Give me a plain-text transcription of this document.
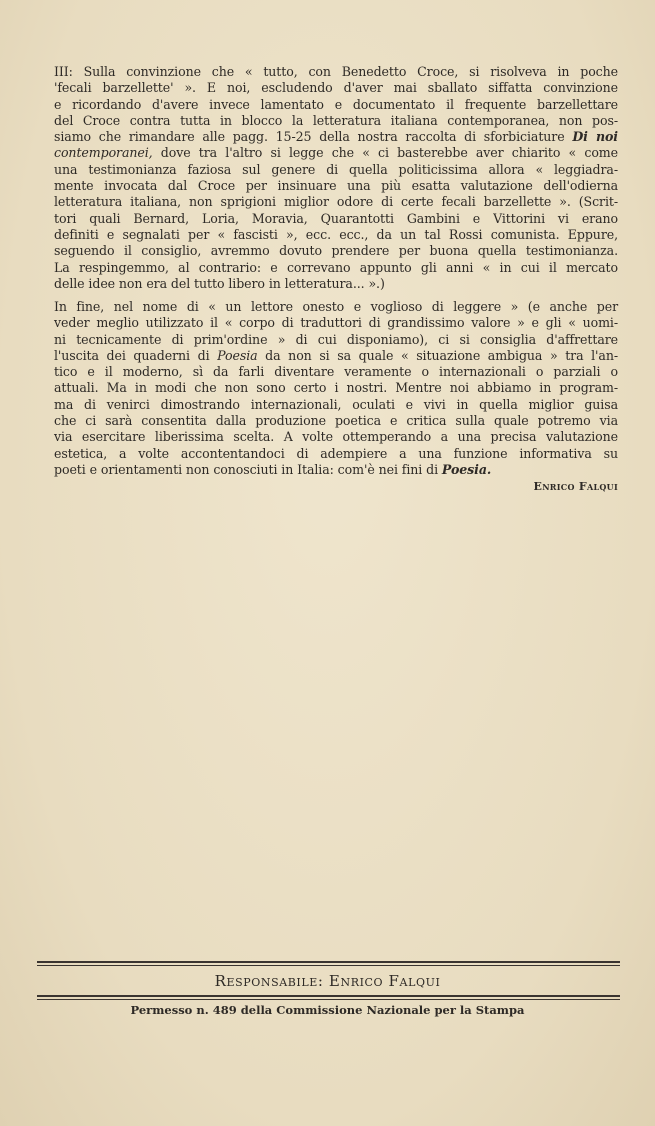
III: Sulla convinzione che « tutto, con Benedetto Croce, si risolveva in poche
'fecali barzellette' ». E noi, escludendo d'aver mai sballato siffatta convinzione
e ricordando d'avere invece lamentato e documentato il frequente barzellettare
del Croce contra tutta in blocco la letteratura italiana contemporanea, non pos-
siamo che rimandare alle pagg. 15-25 della nostra raccolta di sforbiciature Di noi
contemporanei, dove tra l'altro si legge che « ci basterebbe aver chiarito « come
una testimonianza faziosa sul genere di quella politicissima allora « leggiadra-
mente invocata dal Croce per insinuare una più esatta valutazione dell'odierna
letteratura italiana, non sprigioni miglior odore di certe fecali barzellette ». (Scrit-
tori quali Bernard, Loria, Moravia, Quarantotti Gambini e Vittorini vi erano
definiti e segnalati per « fascisti », ecc. ecc., da un tal Rossi comunista. Eppure,
seguendo il consiglio, avremmo dovuto prendere per buona quella testimonianza.
La respingemmo, al contrario: e correvano appunto gli anni « in cui il mercato
delle idee non era del tutto libero in letteratura... ».)
In fine, nel nome di « un lettore onesto e voglioso di leggere » (e anche per
veder meglio utilizzato il « corpo di traduttori di grandissimo valore » e gli « uomi-
ni tecnicamente di prim'ordine » di cui disponiamo), ci si consiglia d'affrettare
l'uscita dei quaderni di Poesia da non si sa quale « situazione ambigua » tra l'an-
tico e il moderno, sì da farli diventare veramente o internazionali o parziali o
attuali. Ma in modi che non sono certo i nostri. Mentre noi abbiamo in program-
ma di venirci dimostrando internazionali, oculati e vivi in quella miglior guisa
che ci sarà consentita dalla produzione poetica e critica sulla quale potremo via
via esercitare liberissima scelta. A volte ottemperando a una precisa valutazione
estetica, a volte accontentandoci di adempiere a una funzione informativa su
poeti e orientamenti non conosciuti in Italia: com'è nei fini di Poesia.
Enrico Falqui
Responsabile: Enrico Falqui
Permesso n. 489 della Commissione Nazionale per la Stampa
